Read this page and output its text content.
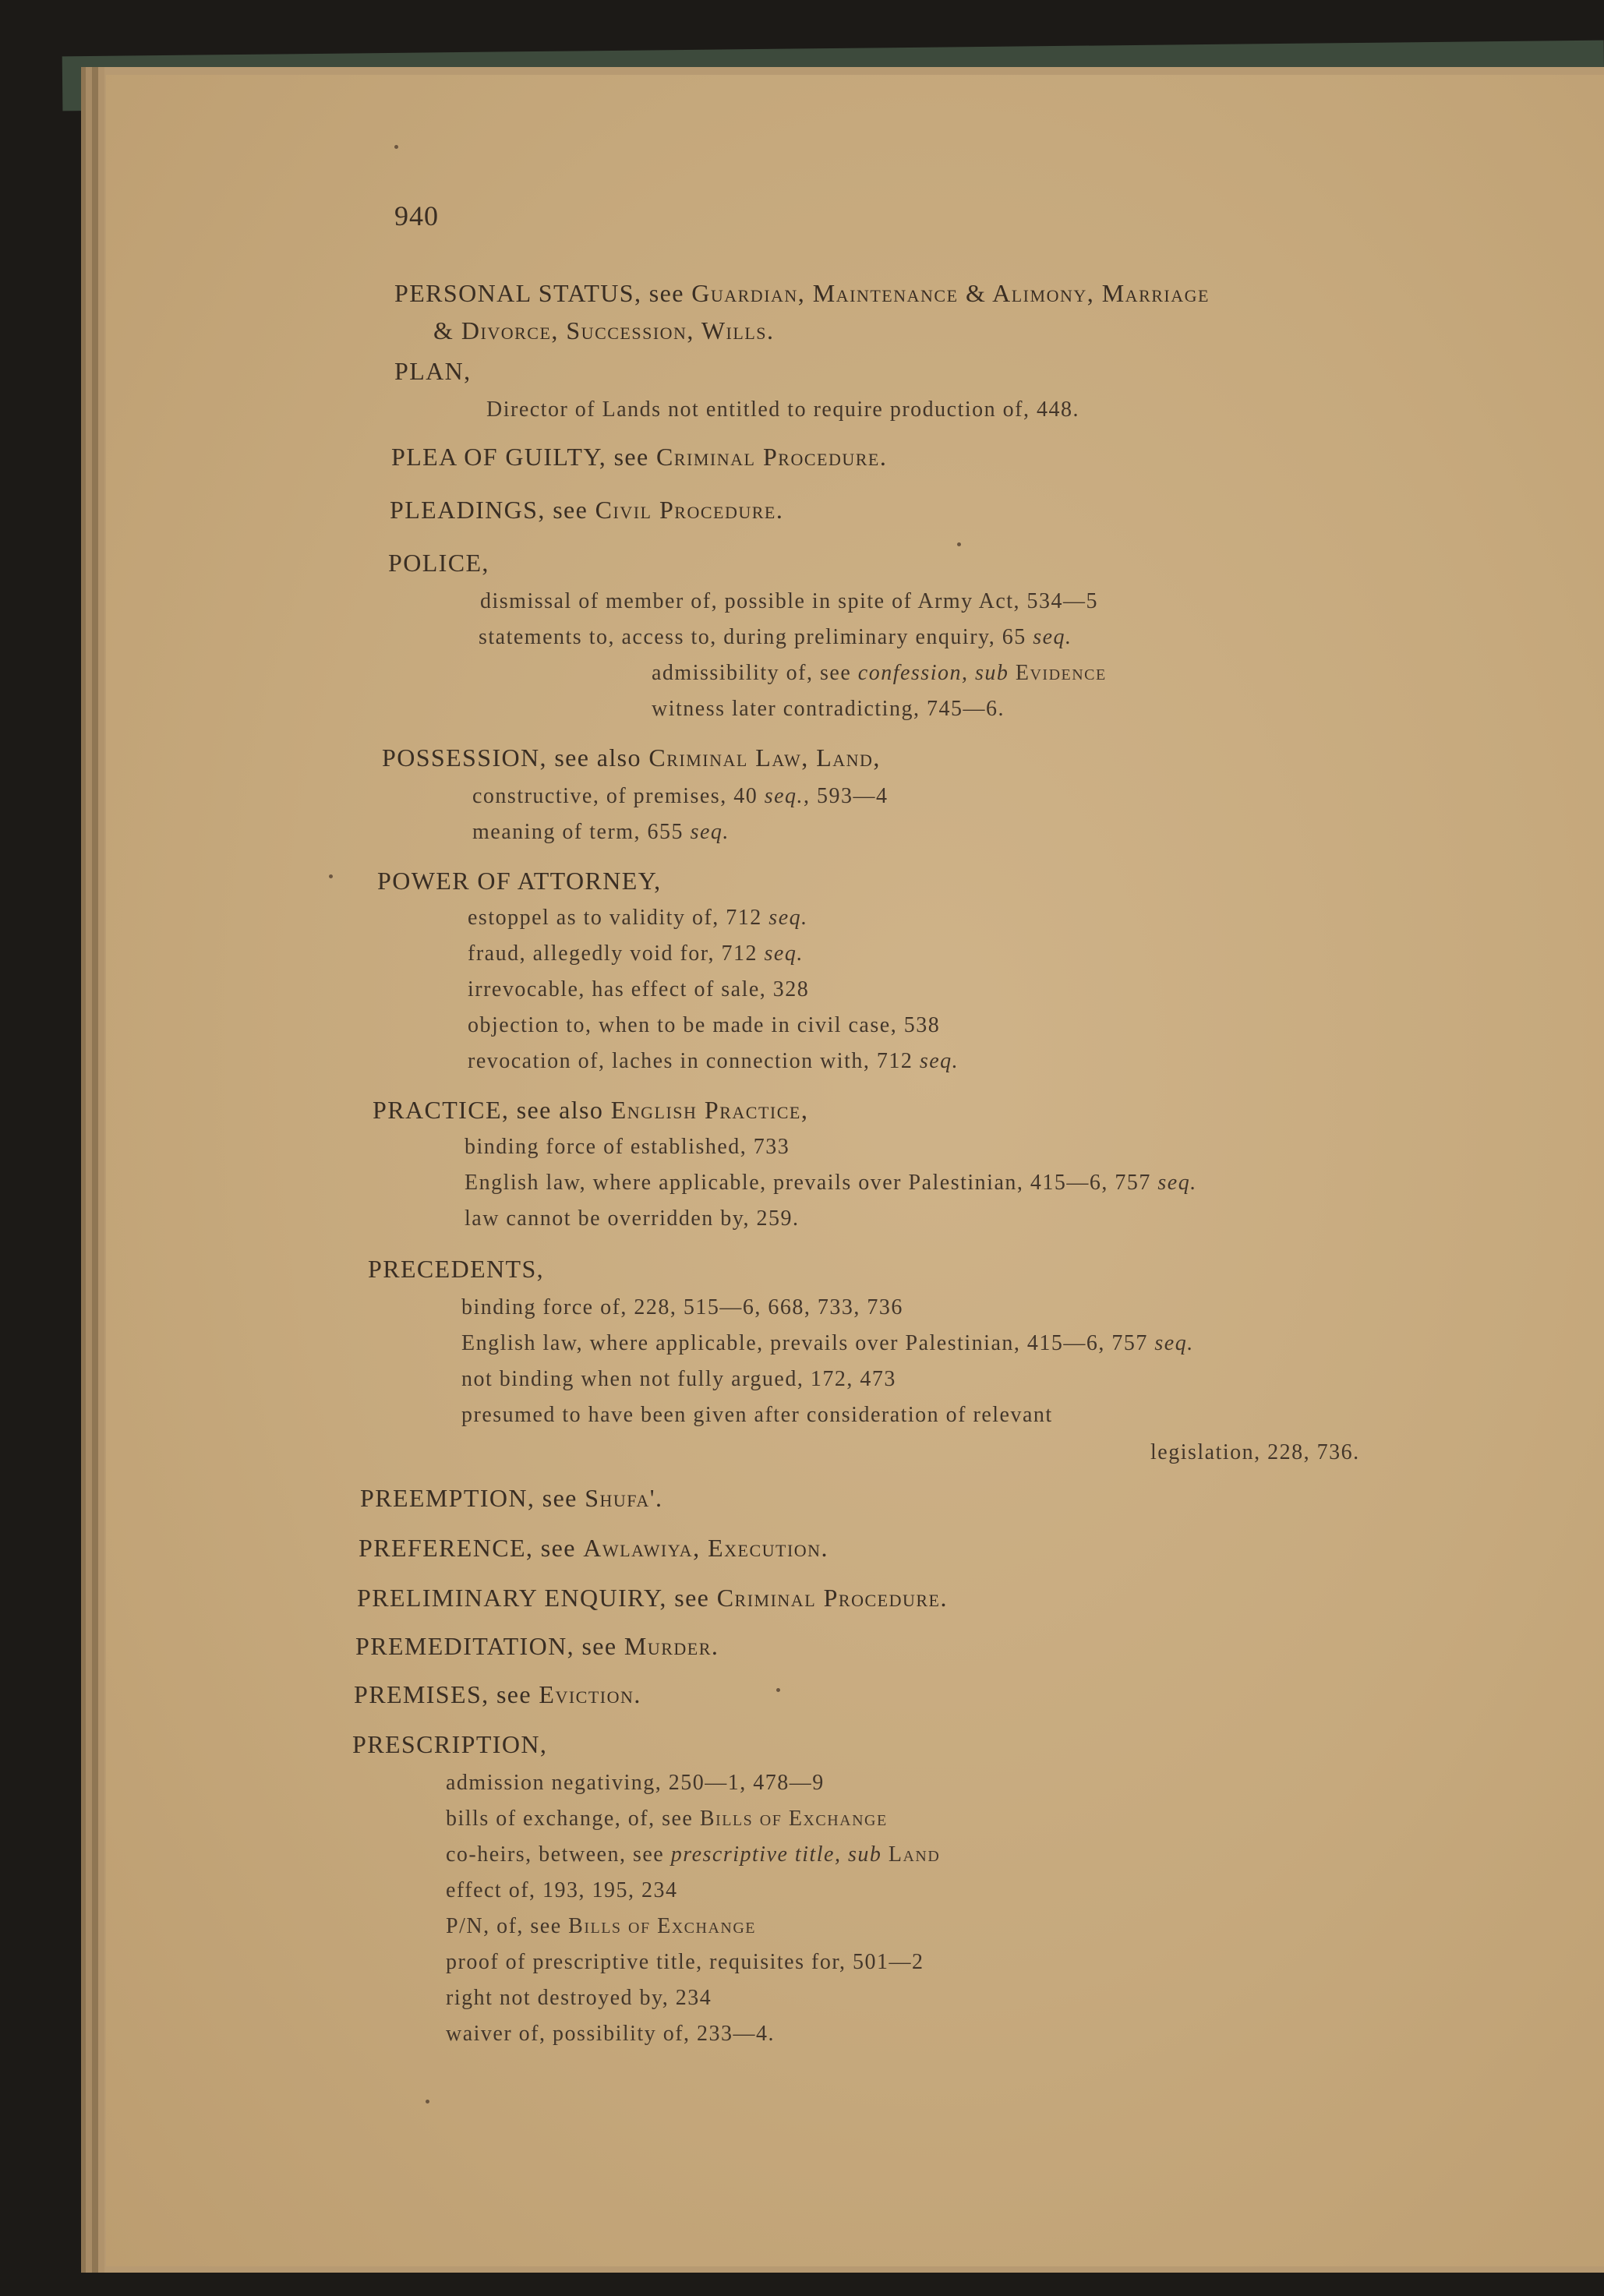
940
PERSONAL STATUS, see Guardian, Maintenance & Alimony, Marriage
& Divorce, Succession, Wills.
PLAN,
Director of Lands not entitled to require production of, 448.
PLEA OF GUILTY, see Criminal Procedure.
PLEADINGS, see Civil Procedure.
POLICE,
dismissal of member of, possible in spite of Army Act, 534—5
statements to, access to, during preliminary enquiry, 65 seq.
admissibility of, see confession, sub Evidence
witness later contradicting, 745—6.
POSSESSION, see also Criminal Law, Land,
constructive, of premises, 40 seq., 593—4
meaning of term, 655 seq.
POWER OF ATTORNEY,
estoppel as to validity of, 712 seq.
fraud, allegedly void for, 712 seq.
irrevocable, has effect of sale, 328
objection to, when to be made in civil case, 538
revocation of, laches in connection with, 712 seq.
PRACTICE, see also English Practice,
binding force of established, 733
English law, where applicable, prevails over Palestinian, 415—6, 757 seq.
law cannot be overridden by, 259.
PRECEDENTS,
binding force of, 228, 515—6, 668, 733, 736
English law, where applicable, prevails over Palestinian, 415—6, 757 seq.
not binding when not fully argued, 172, 473
presumed to have been given after consideration of relevant
legislation, 228, 736.
PREEMPTION, see Shufa'.
PREFERENCE, see Awlawiya, Execution.
PRELIMINARY ENQUIRY, see Criminal Procedure.
PREMEDITATION, see Murder.
PREMISES, see Eviction.
PRESCRIPTION,
admission negativing, 250—1, 478—9
bills of exchange, of, see Bills of Exchange
co-heirs, between, see prescriptive title, sub Land
effect of, 193, 195, 234
P/N, of, see Bills of Exchange
proof of prescriptive title, requisites for, 501—2
right not destroyed by, 234
waiver of, possibility of, 233—4.
